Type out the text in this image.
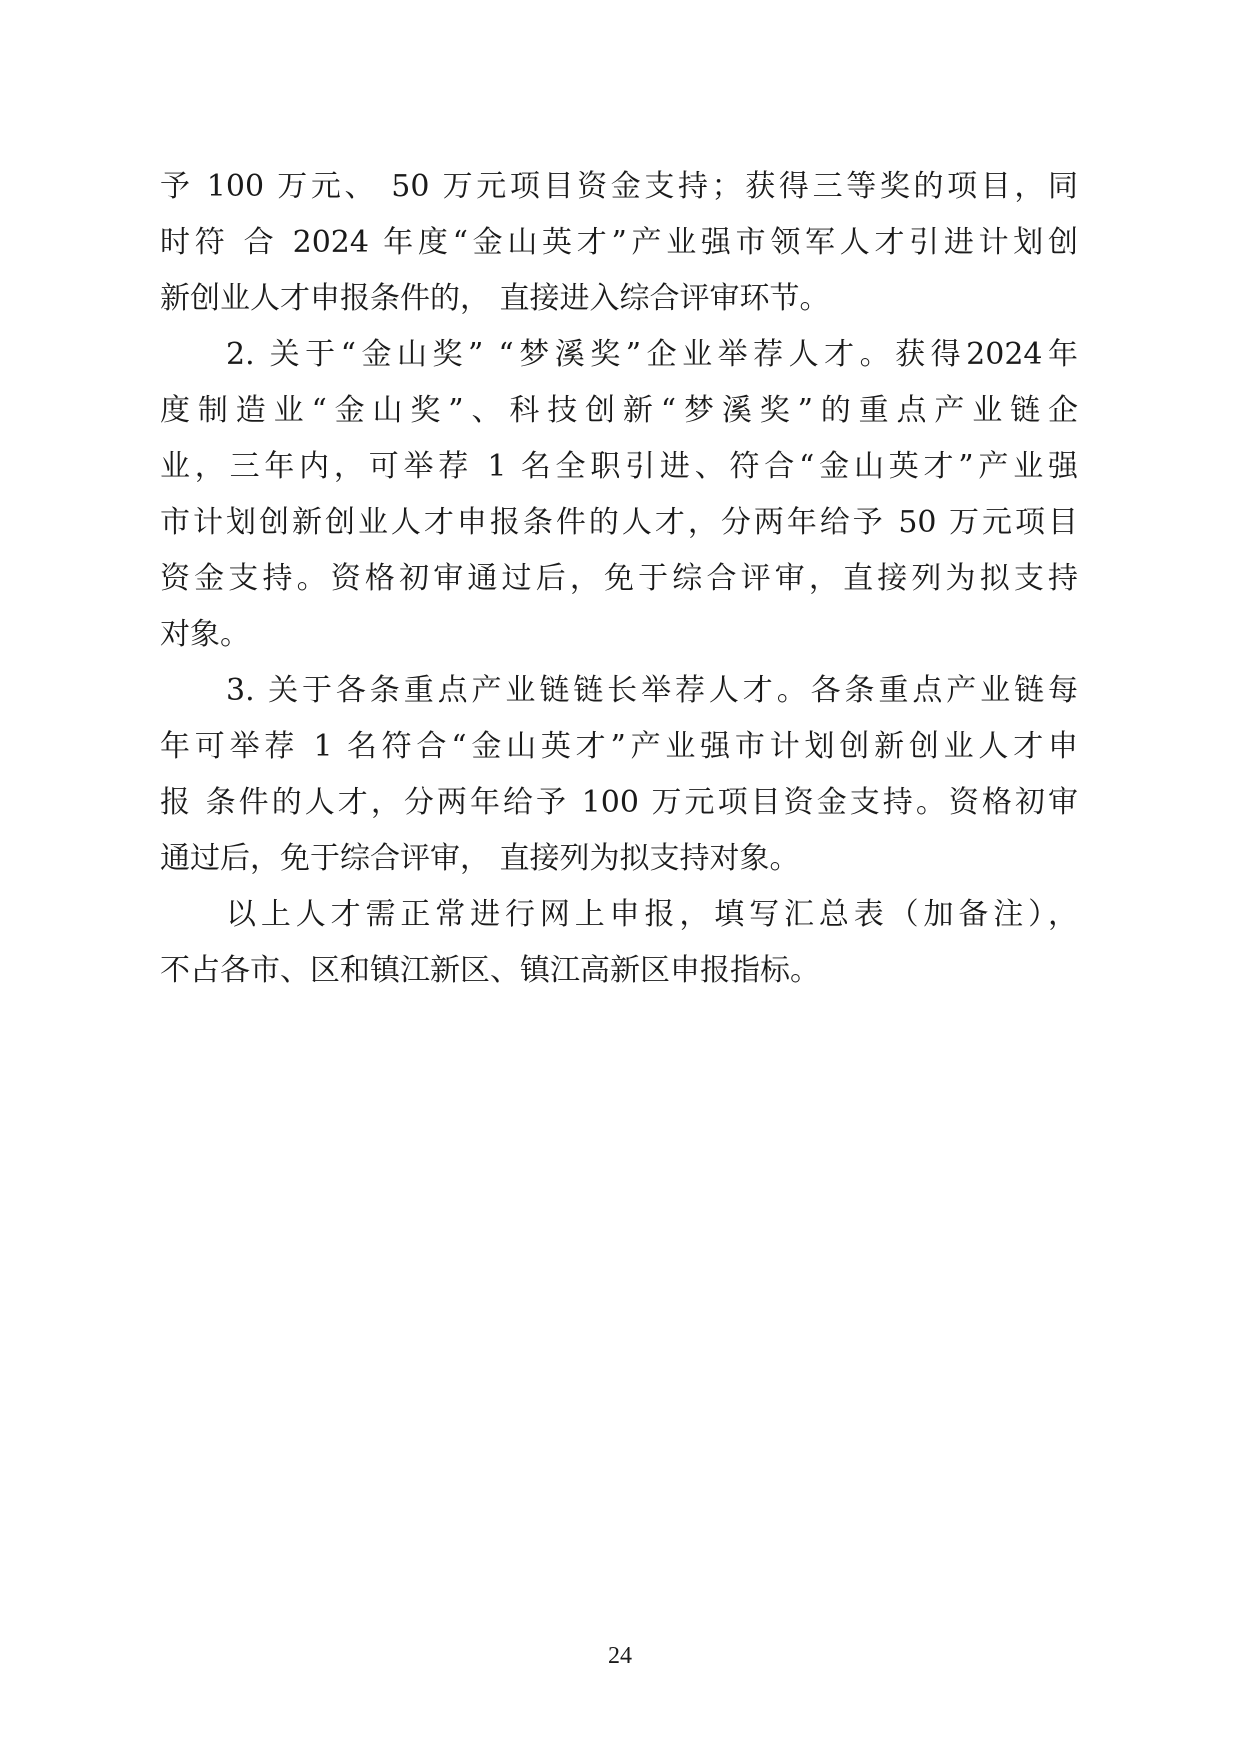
予 100 万元、 50 万元项目资金支持；获得三等奖的项目，同
时符 合 2024 年度“金山英才”产业强市领军人才引进计划创
新创业人才申报条件的， 直接进入综合评审环节。
2. 关于“金山奖” “梦溪奖”企业举荐人才。获得2024年
度制造业“金山奖”、科技创新“梦溪奖”的重点产业链企
业，三年内，可举荐 1 名全职引进、符合“金山英才”产业强
市计划创新创业人才申报条件的人才，分两年给予 50 万元项目
资金支持。资格初审通过后，免于综合评审，直接列为拟支持
对象。
3. 关于各条重点产业链链长举荐人才。各条重点产业链每
年可举荐 1 名符合“金山英才”产业强市计划创新创业人才申
报 条件的人才，分两年给予 100 万元项目资金支持。资格初审
通过后，免于综合评审， 直接列为拟支持对象。
以上人才需正常进行网上申报，填写汇总表（加备注），
不占各市、区和镇江新区、镇江高新区申报指标。
24
